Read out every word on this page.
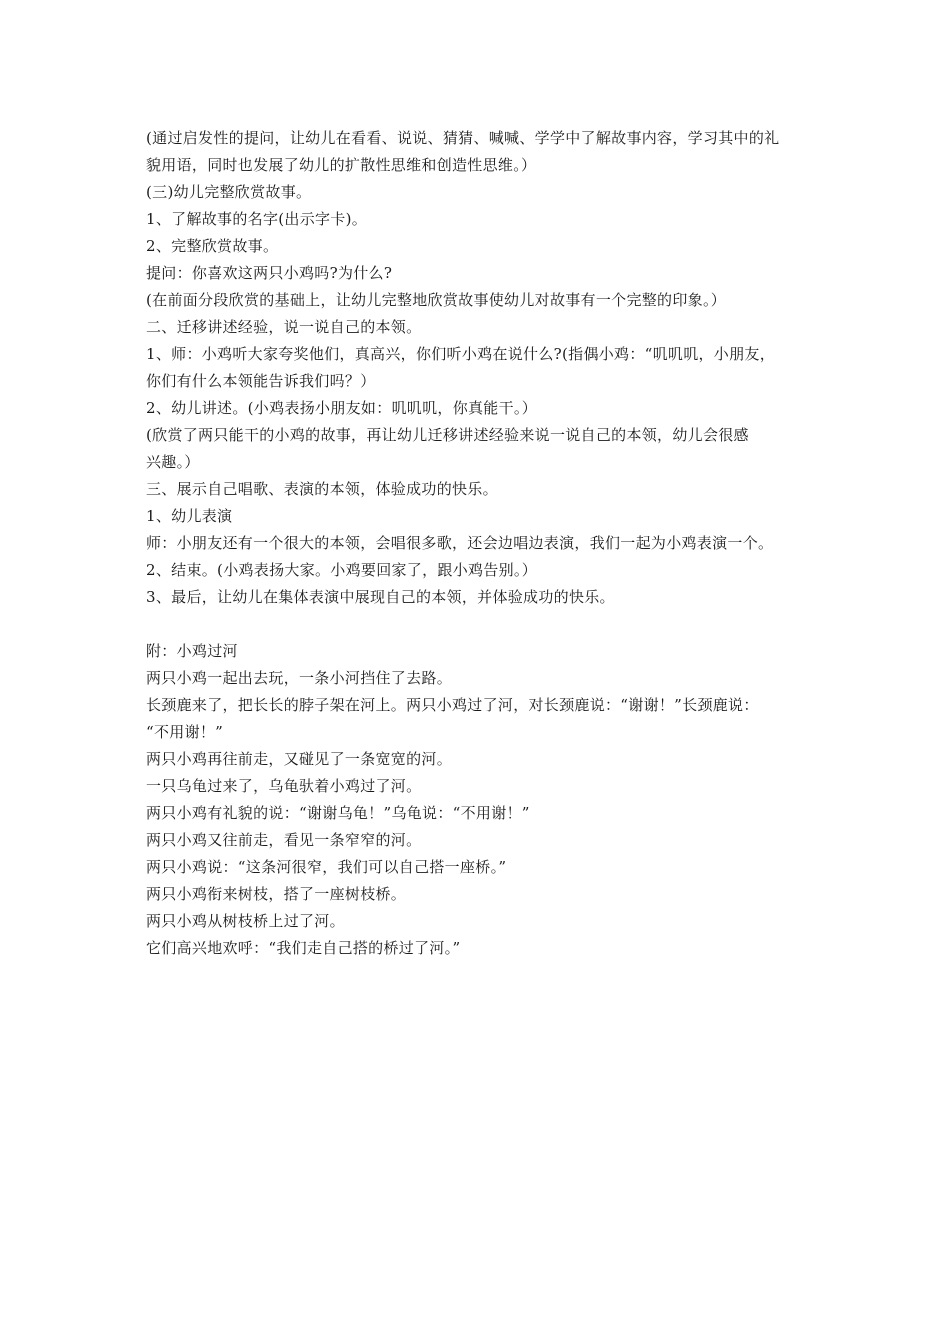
(通过启发性的提问，让幼儿在看看、说说、猜猜、喊喊、学学中了解故事内容，学习其中的礼
貌用语，同时也发展了幼儿的扩散性思维和创造性思维。）
(三)幼儿完整欣赏故事。
1、了解故事的名字(出示字卡)。
2、完整欣赏故事。
提问：你喜欢这两只小鸡吗?为什么?
(在前面分段欣赏的基础上，让幼儿完整地欣赏故事使幼儿对故事有一个完整的印象。）
二、迁移讲述经验，说一说自己的本领。
1、师：小鸡听大家夸奖他们，真高兴，你们听小鸡在说什么?(指偶小鸡：“叽叽叽，小朋友，
你们有什么本领能告诉我们吗？）
2、幼儿讲述。(小鸡表扬小朋友如：叽叽叽，你真能干。）
(欣赏了两只能干的小鸡的故事，再让幼儿迁移讲述经验来说一说自己的本领，幼儿会很感
兴趣。）
三、展示自己唱歌、表演的本领，体验成功的快乐。
1、幼儿表演
师：小朋友还有一个很大的本领，会唱很多歌，还会边唱边表演，我们一起为小鸡表演一个。
2、结束。(小鸡表扬大家。小鸡要回家了，跟小鸡告别。）
3、最后，让幼儿在集体表演中展现自己的本领，并体验成功的快乐。
附：小鸡过河
两只小鸡一起出去玩，一条小河挡住了去路。
长颈鹿来了，把长长的脖子架在河上。两只小鸡过了河，对长颈鹿说：“谢谢！”长颈鹿说：
“不用谢！”
两只小鸡再往前走，又碰见了一条宽宽的河。
一只乌龟过来了，乌龟驮着小鸡过了河。
两只小鸡有礼貌的说：“谢谢乌龟！”乌龟说：“不用谢！”
两只小鸡又往前走，看见一条窄窄的河。
两只小鸡说：“这条河很窄，我们可以自己搭一座桥。”
两只小鸡衔来树枝，搭了一座树枝桥。
两只小鸡从树枝桥上过了河。
它们高兴地欢呼：“我们走自己搭的桥过了河。”
